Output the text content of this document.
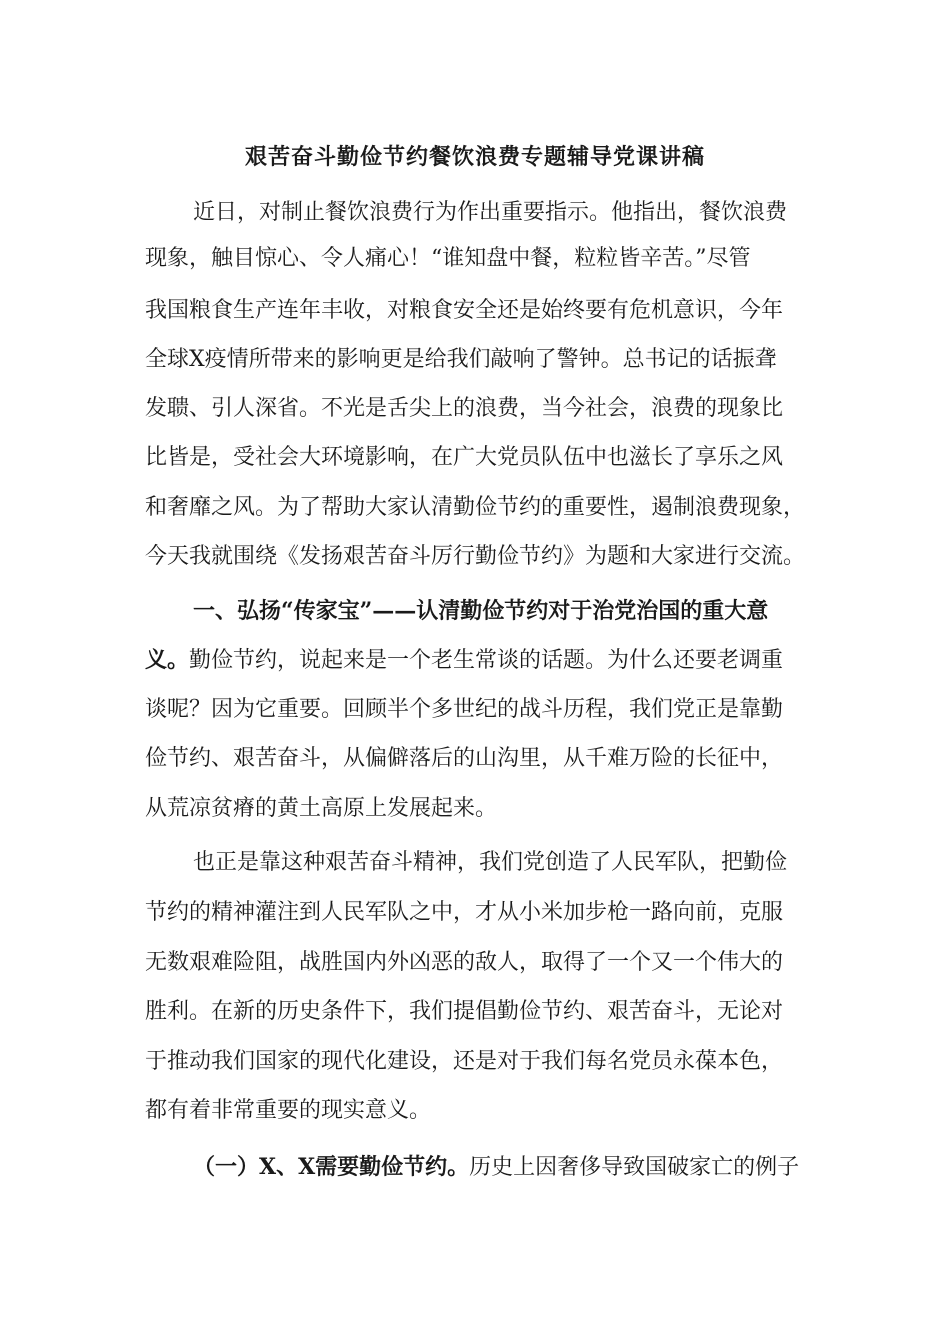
艰苦奋斗勤俭节约餐饮浪费专题辅导党课讲稿

近日，对制止餐饮浪费行为作出重要指示。他指出，餐饮浪费

现象，触目惊心、令人痛心！“谁知盘中餐，粒粒皆辛苦。”尽管

我国粮食生产连年丰收，对粮食安全还是始终要有危机意识，今年

全球X疫情所带来的影响更是给我们敲响了警钟。总书记的话振聋

发聩、引人深省。不光是舌尖上的浪费，当今社会，浪费的现象比

比皆是，受社会大环境影响，在广大党员队伍中也滋长了享乐之风

和奢靡之风。为了帮助大家认清勤俭节约的重要性，遏制浪费现象，

今天我就围绕《发扬艰苦奋斗厉行勤俭节约》为题和大家进行交流。

一、弘扬“传家宝”——认清勤俭节约对于治党治国的重大意

义。勤俭节约，说起来是一个老生常谈的话题。为什么还要老调重

谈呢？因为它重要。回顾半个多世纪的战斗历程，我们党正是靠勤

俭节约、艰苦奋斗，从偏僻落后的山沟里，从千难万险的长征中，

从荒凉贫瘠的黄土高原上发展起来。

也正是靠这种艰苦奋斗精神，我们党创造了人民军队，把勤俭

节约的精神灌注到人民军队之中，才从小米加步枪一路向前，克服

无数艰难险阻，战胜国内外凶恶的敌人，取得了一个又一个伟大的

胜利。在新的历史条件下，我们提倡勤俭节约、艰苦奋斗，无论对

于推动我们国家的现代化建设，还是对于我们每名党员永葆本色，

都有着非常重要的现实意义。

（一）X、X需要勤俭节约。历史上因奢侈导致国破家亡的例子
